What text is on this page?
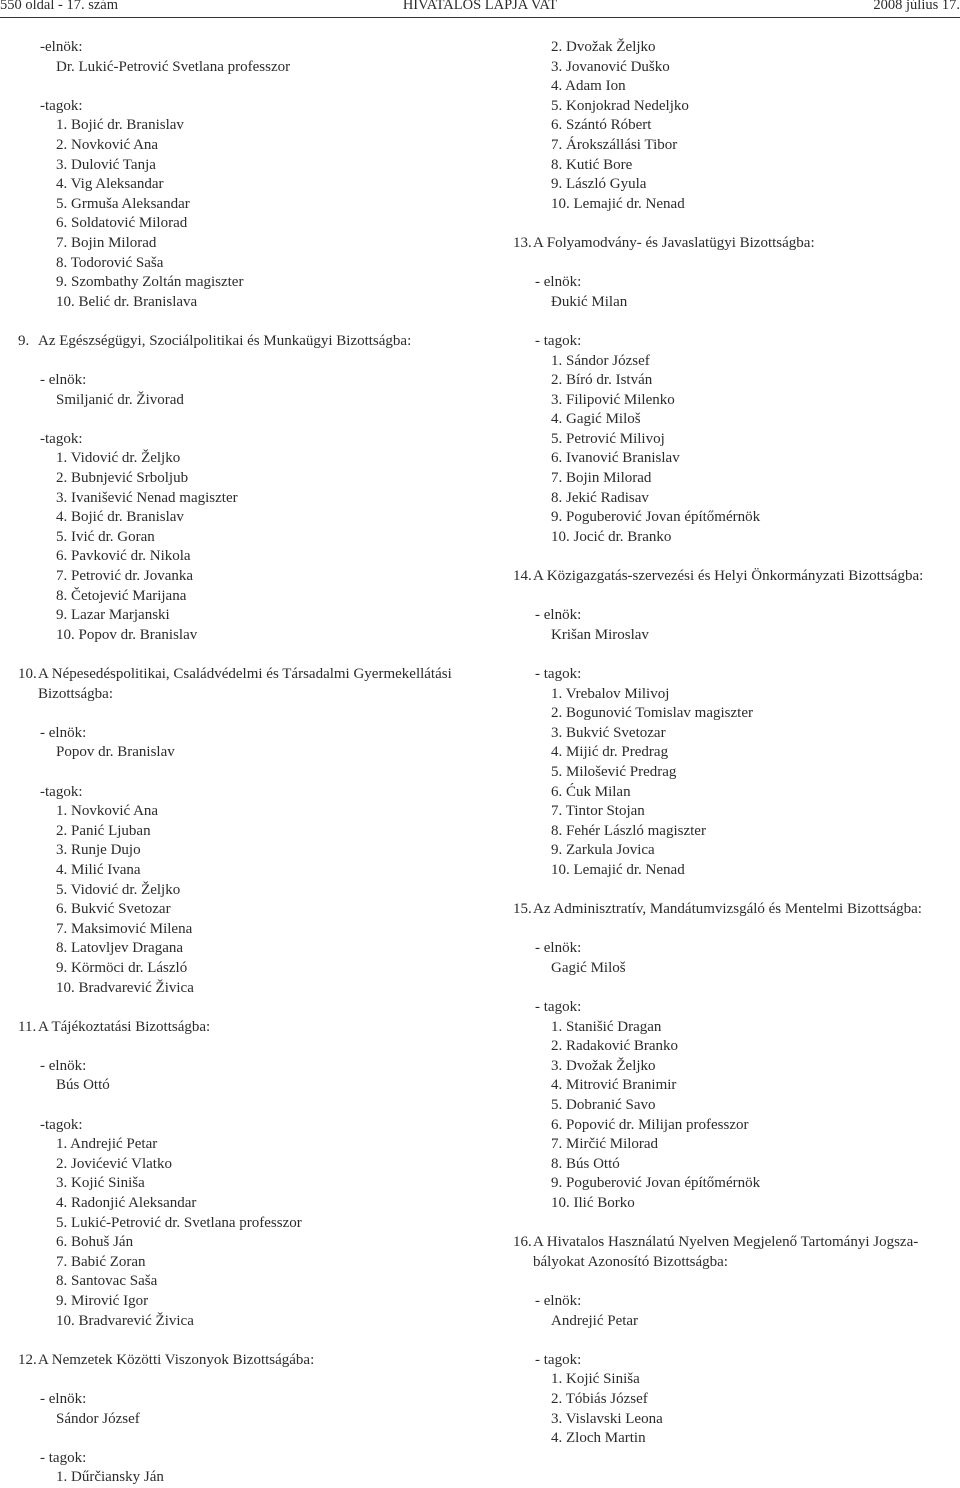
HIVATALOS LAPJA VAT
550 oldal - 17. szám	2008 július 17.
-elnök:
Dr. Lukić-Petrović Svetlana professzor
-tagok:
1. Bojić dr. Branislav
2. Novković Ana
3. Dulović Tanja
4. Vig Aleksandar
5. Grmuša Aleksandar
6. Soldatović Milorad
7. Bojin Milorad
8. Todorović Saša
9. Szombathy Zoltán magiszter
10. Belić dr. Branislava
9. Az Egészségügyi, Szociálpolitikai és Munkaügyi Bizottságba:
- elnök:
Smiljanić dr. Živorad
-tagok:
1. Vidović dr. Željko
2. Bubnjević Srboljub
3. Ivanišević Nenad magiszter
4. Bojić dr. Branislav
5. Ivić dr. Goran
6. Pavković dr. Nikola
7. Petrović dr. Jovanka
8. Četojević Marijana
9. Lazar Marjanski
10. Popov dr. Branislav
10.A Népesedéspolitikai, Családvédelmi és Társadalmi Gyermekellátási Bizottságba:
- elnök:
Popov dr. Branislav
-tagok:
1. Novković Ana
2. Panić Ljuban
3. Runje Dujo
4. Milić Ivana
5. Vidović dr. Željko
6. Bukvić Svetozar
7. Maksimović Milena
8. Latovljev Dragana
9. Körmöci dr. László
10. Bradvarević Živica
11. A Tájékoztatási Bizottságba:
- elnök:
Bús Ottó
-tagok:
1. Andrejić Petar
2. Jovićević Vlatko
3. Kojić Siniša
4. Radonjić Aleksandar
5. Lukić-Petrović dr. Svetlana professzor
6. Bohuš Ján
7. Babić Zoran
8. Santovac Saša
9. Mirović Igor
10. Bradvarević Živica
12.A Nemzetek Közötti Viszonyok Bizottságába:
- elnök:
Sándor József
- tagok:
1. Dűrčiansky Ján
2. Dvožak Željko
3. Jovanović Duško
4. Adam Ion
5. Konjokrad Nedeljko
6. Szántó Róbert
7. Árokszállási Tibor
8. Kutić Bore
9. László Gyula
10. Lemajić dr. Nenad
13.A Folyamodvány- és Javaslatügyi Bizottságba:
- elnök:
Đukić Milan
- tagok:
1. Sándor József
2. Bíró dr. István
3. Filipović Milenko
4. Gagić Miloš
5. Petrović Milivoj
6. Ivanović Branislav
7. Bojin Milorad
8. Jekić Radisav
9. Poguberović Jovan építőmérnök
10. Jocić dr. Branko
14.A Közigazgatás-szervezési és Helyi Önkormányzati Bizottságba:
- elnök:
Krišan Miroslav
- tagok:
1. Vrebalov Milivoj
2. Bogunović Tomislav magiszter
3. Bukvić Svetozar
4. Mijić dr. Predrag
5. Milošević Predrag
6. Ćuk Milan
7. Tintor Stojan
8. Fehér László magiszter
9. Zarkula Jovica
10. Lemajić dr. Nenad
15.Az Adminisztratív, Mandátumvizsgáló és Mentelmi Bizottságba:
- elnök:
Gagić Miloš
- tagok:
1. Stanišić Dragan
2. Radaković Branko
3. Dvožak Željko
4. Mitrović Branimir
5. Dobranić Savo
6. Popović dr. Milijan professzor
7. Mirčić Milorad
8. Bús Ottó
9. Poguberović Jovan építőmérnök
10. Ilić Borko
16.A Hivatalos Használatú Nyelven Megjelenő Tartományi Jogszabályokat Azonosító Bizottságba:
- elnök:
Andrejić Petar
- tagok:
1. Kojić Siniša
2. Tóbiás József
3. Vislavski Leona
4. Zloch Martin
